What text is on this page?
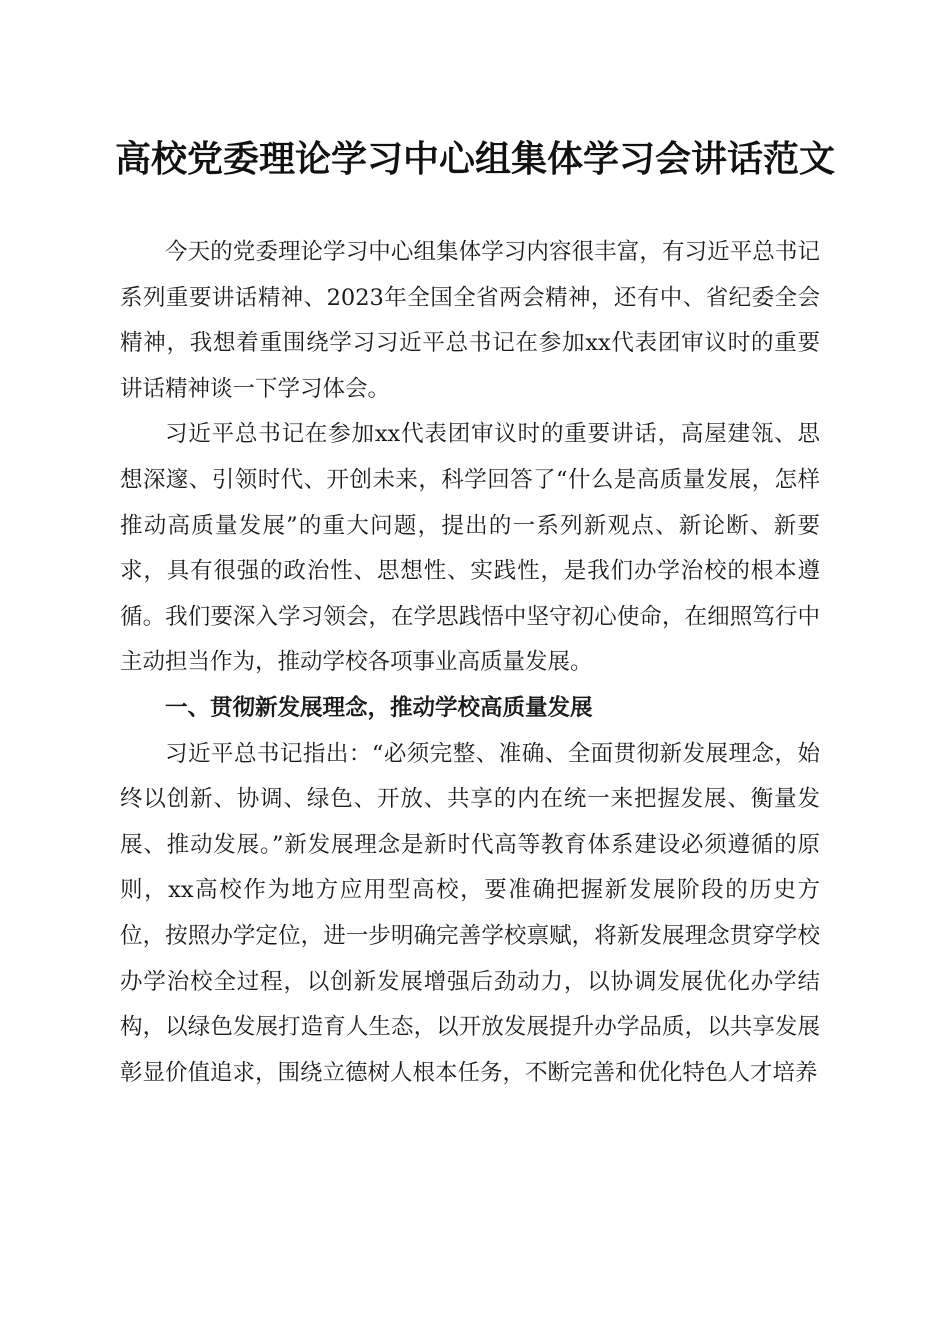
高校党委理论学习中心组集体学习会讲话范文

今天的党委理论学习中心组集体学习内容很丰富，有习近平总书记系列重要讲话精神、2023年全国全省两会精神，还有中、省纪委全会精神，我想着重围绕学习习近平总书记在参加xx代表团审议时的重要讲话精神谈一下学习体会。

习近平总书记在参加xx代表团审议时的重要讲话，高屋建瓴、思想深邃、引领时代、开创未来，科学回答了“什么是高质量发展，怎样推动高质量发展”的重大问题，提出的一系列新观点、新论断、新要求，具有很强的政治性、思想性、实践性，是我们办学治校的根本遵循。我们要深入学习领会，在学思践悟中坚守初心使命，在细照笃行中主动担当作为，推动学校各项事业高质量发展。

一、贯彻新发展理念，推动学校高质量发展

习近平总书记指出：“必须完整、准确、全面贯彻新发展理念，始终以创新、协调、绿色、开放、共享的内在统一来把握发展、衡量发展、推动发展。”新发展理念是新时代高等教育体系建设必须遵循的原则，xx高校作为地方应用型高校，要准确把握新发展阶段的历史方位，按照办学定位，进一步明确完善学校禀赋，将新发展理念贯穿学校办学治校全过程，以创新发展增强后劲动力，以协调发展优化办学结构，以绿色发展打造育人生态，以开放发展提升办学品质，以共享发展彰显价值追求，围绕立德树人根本任务，不断完善和优化特色人才培养
